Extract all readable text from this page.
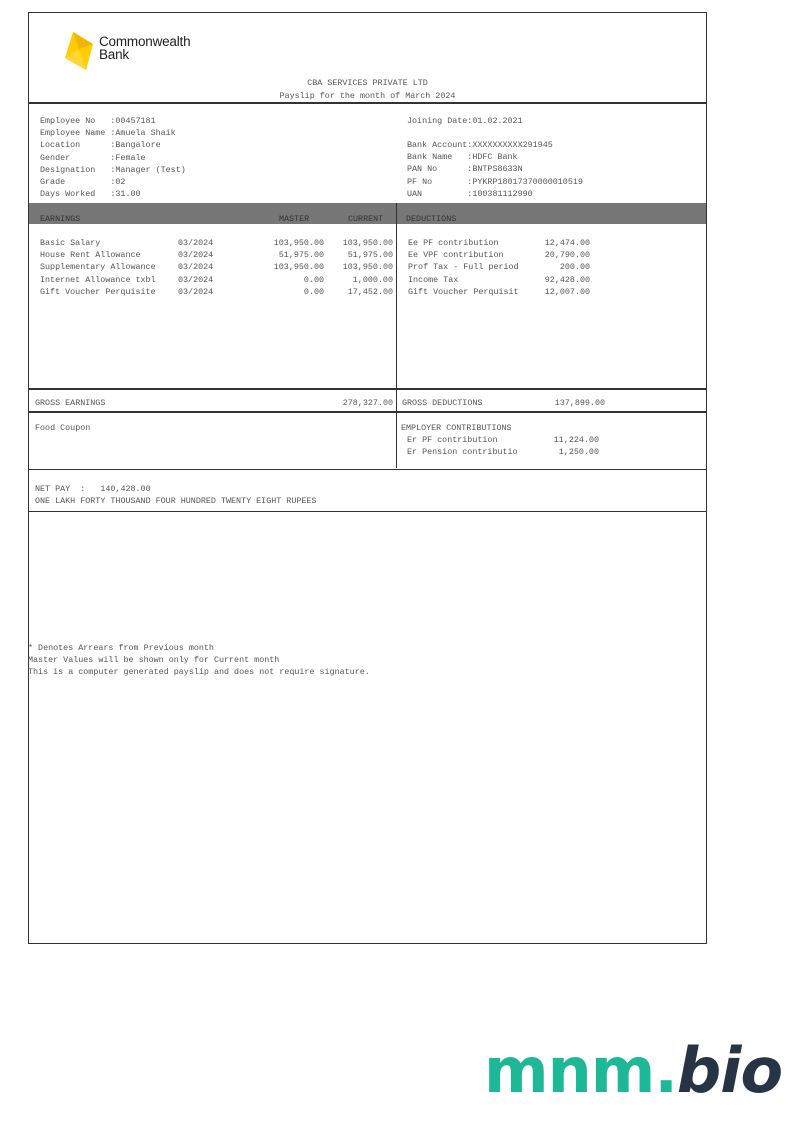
Commonwealth
Bank
CBA SERVICES PRIVATE LTD
Payslip for the month of March 2024
Employee No   :00457181
Employee Name :Amuela Shaik
Location      :Bangalore
Gender        :Female
Designation   :Manager (Test)
Grade         :02
Days Worked   :31.00
Joining Date:01.02.2021
Bank Account:XXXXXXXXXX291945
Bank Name   :HDFC Bank
PAN No      :BNTPS8633N
PF No       :PYKRP18017370000010519
UAN         :100381112990
EARNINGS	MASTER	CURRENT	DEDUCTIONS
Basic Salary	03/2024	103,950.00	103,950.00
House Rent Allowance	03/2024	51,975.00	51,975.00
Supplementary Allowance	03/2024	103,950.00	103,950.00
Internet Allowance txbl	03/2024	0.00	1,000.00
Gift Voucher Perquisite	03/2024	0.00	17,452.00
Ee PF contribution	12,474.00
Ee VPF contribution	20,790.00
Prof Tax - Full period	200.00
Income Tax	92,428.00
Gift Voucher Perquisit	12,007.00
GROSS EARNINGS	278,327.00 GROSS DEDUCTIONS	137,899.00
Food Coupon	EMPLOYER CONTRIBUTIONS
Er PF contribution	11,224.00
Er Pension contributio	1,250.00
NET PAY  : 140,428.00
ONE LAKH FORTY THOUSAND FOUR HUNDRED TWENTY EIGHT RUPEES
* Denotes Arrears from Previous month
Master Values will be shown only for Current month
This is a computer generated payslip and does not require signature.
mnm.bio
